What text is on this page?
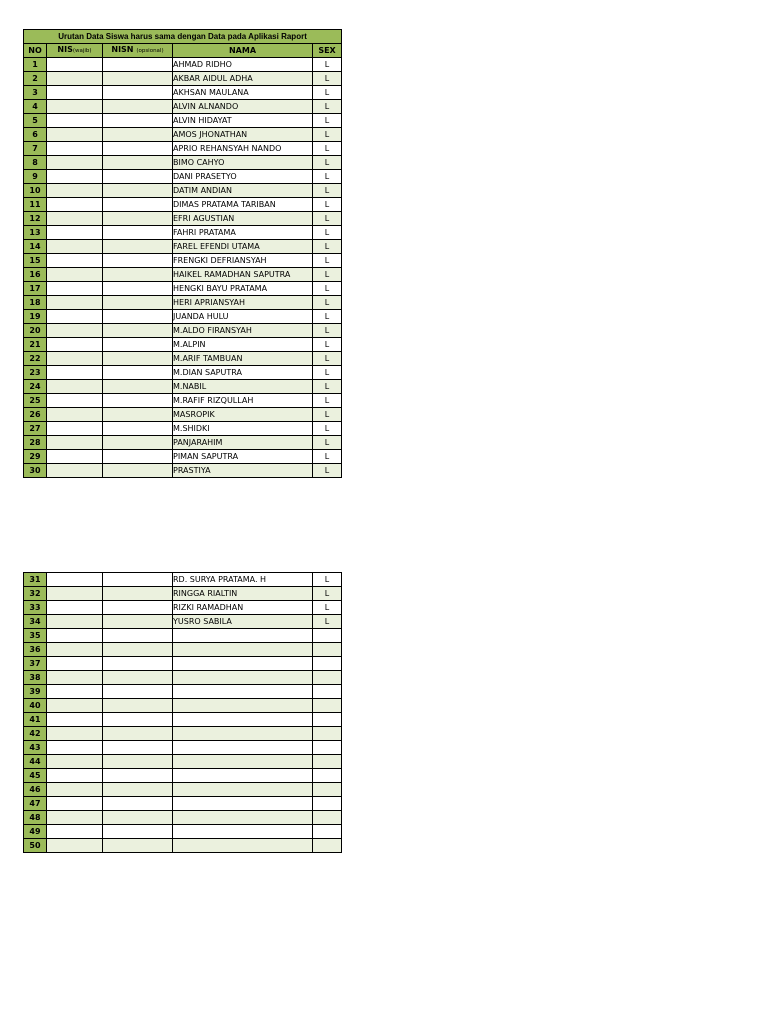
Urutan Data Siswa harus sama dengan Data pada Aplikasi Raport				
NO	NIS(wajib)	NISN (opsional)	NAMA	SEX
1			AHMAD RIDHO	L
2			AKBAR AIDUL ADHA	L
3			AKHSAN MAULANA	L
4			ALVIN ALNANDO	L
5			ALVIN HIDAYAT	L
6			AMOS JHONATHAN	L
7			APRIO REHANSYAH NANDO	L
8			BIMO CAHYO	L
9			DANI PRASETYO	L
10			DATIM ANDIAN	L
11			DIMAS PRATAMA TARIBAN	L
12			EFRI AGUSTIAN	L
13			FAHRI PRATAMA	L
14			FAREL EFENDI UTAMA	L
15			FRENGKI DEFRIANSYAH	L
16			HAIKEL RAMADHAN SAPUTRA	L
17			HENGKI BAYU PRATAMA	L
18			HERI APRIANSYAH	L
19			JUANDA HULU	L
20			M.ALDO FIRANSYAH	L
21			M.ALPIN	L
22			M.ARIF TAMBUAN	L
23			M.DIAN SAPUTRA	L
24			M.NABIL	L
25			M.RAFIF RIZQULLAH	L
26			MASROPIK	L
27			M.SHIDKI	L
28			PANJARAHIM	L
29			PIMAN SAPUTRA	L
30			PRASTIYA	L
31			RD. SURYA PRATAMA. H	L
32			RINGGA RIALTIN	L
33			RIZKI RAMADHAN	L
34			YUSRO SABILA	L
35				
36				
37				
38				
39				
40				
41				
42				
43				
44				
45				
46				
47				
48				
49				
50				
